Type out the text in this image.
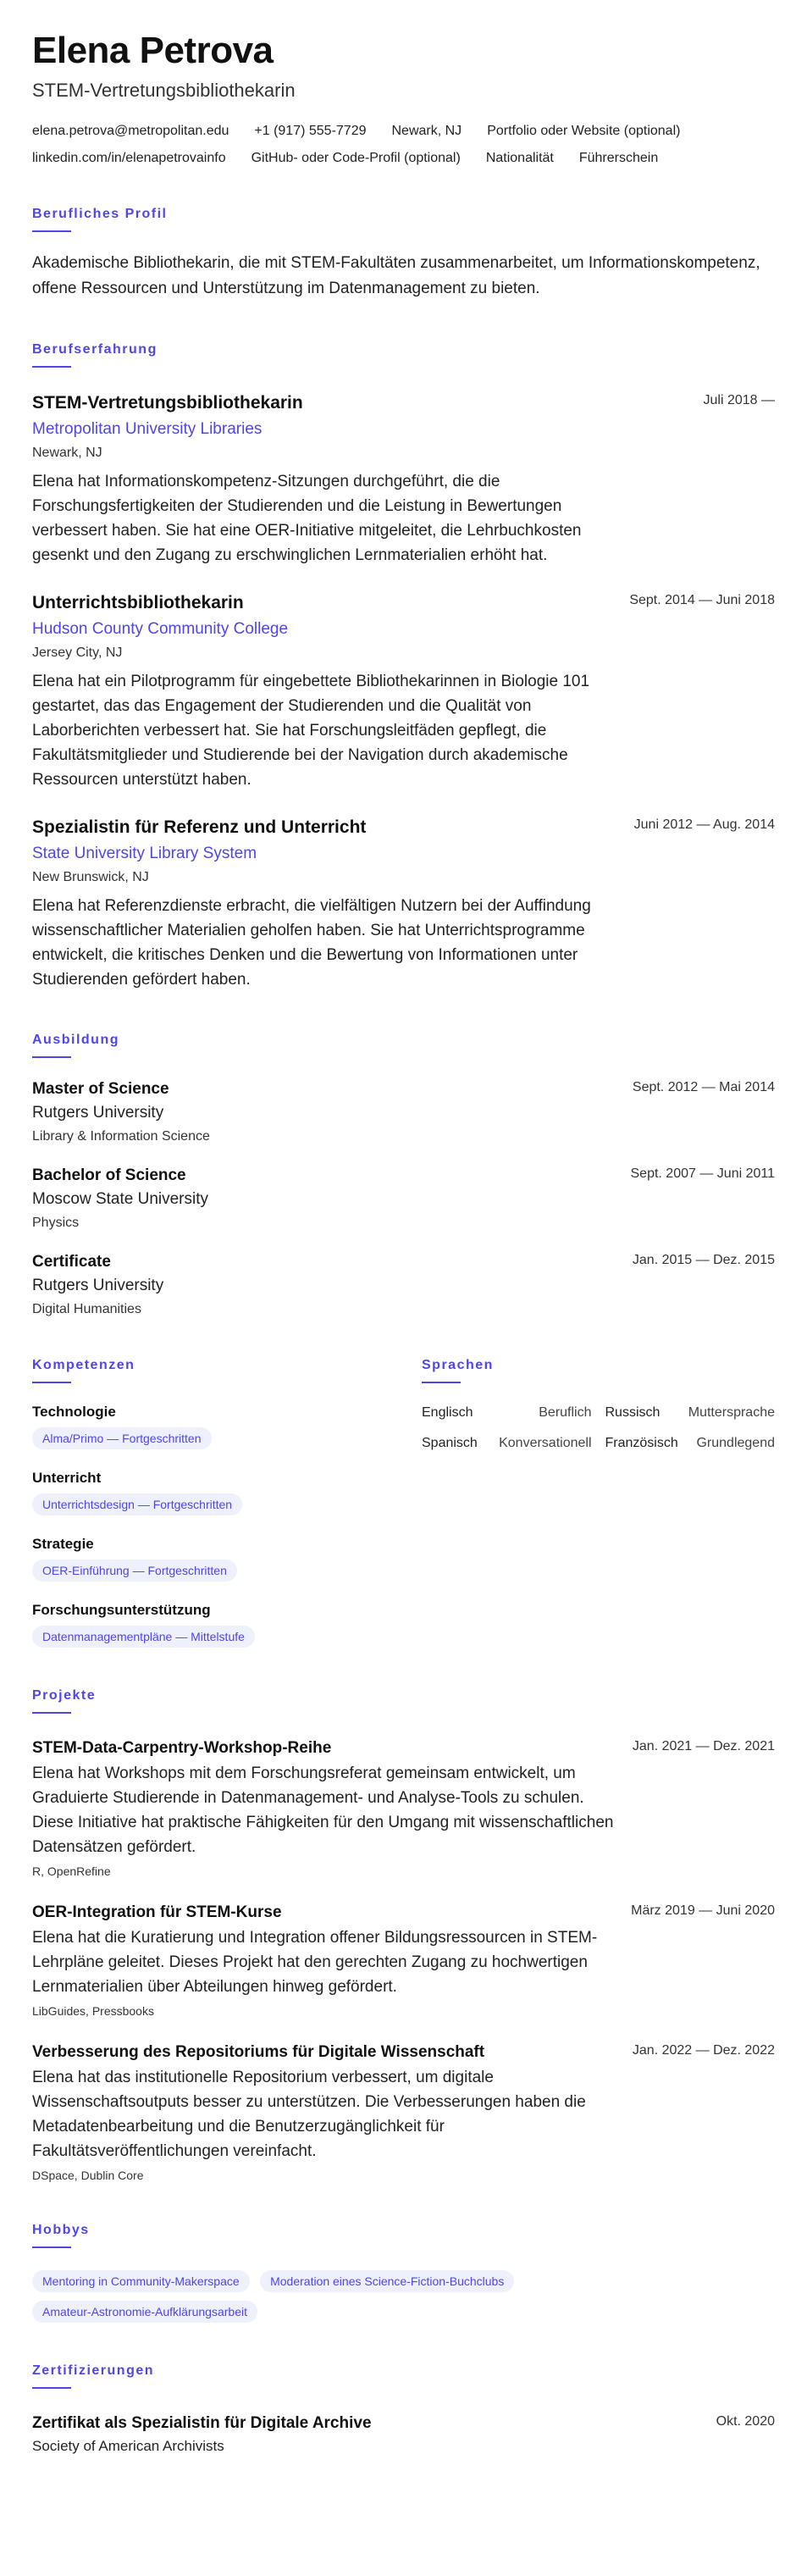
Elena Petrova
STEM-Vertretungsbibliothekarin
elena.petrova@metropolitan.edu +1 (917) 555-7729 Newark, NJ Portfolio oder Website (optional)
linkedin.com/in/elenapetrovainfo GitHub- oder Code-Profil (optional) Nationalität Führerschein
Berufliches Profil
Akademische Bibliothekarin, die mit STEM-Fakultäten zusammenarbeitet, um Informationskompetenz, offene Ressourcen und Unterstützung im Datenmanagement zu bieten.
Berufserfahrung
STEM-Vertretungsbibliothekarin	Juli 2018 —
Metropolitan University Libraries
Newark, NJ
Elena hat Informationskompetenz-Sitzungen durchgeführt, die die Forschungsfertigkeiten der Studierenden und die Leistung in Bewertungen verbessert haben. Sie hat eine OER-Initiative mitgeleitet, die Lehrbuchkosten gesenkt und den Zugang zu erschwinglichen Lernmaterialien erhöht hat.
Unterrichtsbibliothekarin	Sept. 2014 — Juni 2018
Hudson County Community College
Jersey City, NJ
Elena hat ein Pilotprogramm für eingebettete Bibliothekarinnen in Biologie 101 gestartet, das das Engagement der Studierenden und die Qualität von Laborberichten verbessert hat. Sie hat Forschungsleitfäden gepflegt, die Fakultätsmitglieder und Studierende bei der Navigation durch akademische Ressourcen unterstützt haben.
Spezialistin für Referenz und Unterricht	Juni 2012 — Aug. 2014
State University Library System
New Brunswick, NJ
Elena hat Referenzdienste erbracht, die vielfältigen Nutzern bei der Auffindung wissenschaftlicher Materialien geholfen haben. Sie hat Unterrichtsprogramme entwickelt, die kritisches Denken und die Bewertung von Informationen unter Studierenden gefördert haben.
Ausbildung
Master of Science	Sept. 2012 — Mai 2014
Rutgers University
Library & Information Science
Bachelor of Science	Sept. 2007 — Juni 2011
Moscow State University
Physics
Certificate	Jan. 2015 — Dez. 2015
Rutgers University
Digital Humanities
Kompetenzen
Technologie
Alma/Primo — Fortgeschritten
Unterricht
Unterrichtsdesign — Fortgeschritten
Strategie
OER-Einführung — Fortgeschritten
Forschungsunterstützung
Datenmanagementpläne — Mittelstufe
Sprachen
Englisch	Beruflich Russisch Muttersprache
Spanisch Konversationell Französisch Grundlegend
Projekte
STEM-Data-Carpentry-Workshop-Reihe	Jan. 2021 — Dez. 2021
Elena hat Workshops mit dem Forschungsreferat gemeinsam entwickelt, um Graduierte Studierende in Datenmanagement- und Analyse-Tools zu schulen. Diese Initiative hat praktische Fähigkeiten für den Umgang mit wissenschaftlichen Datensätzen gefördert.
R, OpenRefine
OER-Integration für STEM-Kurse	März 2019 — Juni 2020
Elena hat die Kuratierung und Integration offener Bildungsressourcen in STEM-Lehrpläne geleitet. Dieses Projekt hat den gerechten Zugang zu hochwertigen Lernmaterialien über Abteilungen hinweg gefördert.
LibGuides, Pressbooks
Verbesserung des Repositoriums für Digitale Wissenschaft	Jan. 2022 — Dez. 2022
Elena hat das institutionelle Repositorium verbessert, um digitale Wissenschaftsoutputs besser zu unterstützen. Die Verbesserungen haben die Metadatenbearbeitung und die Benutzerzugänglichkeit für Fakultätsveröffentlichungen vereinfacht.
DSpace, Dublin Core
Hobbys
Mentoring in Community-Makerspace	Moderation eines Science-Fiction-Buchclubs Amateur-Astronomie-Aufklärungsarbeit
Zertifizierungen
Zertifikat als Spezialistin für Digitale Archive	Okt. 2020
Society of American Archivists
